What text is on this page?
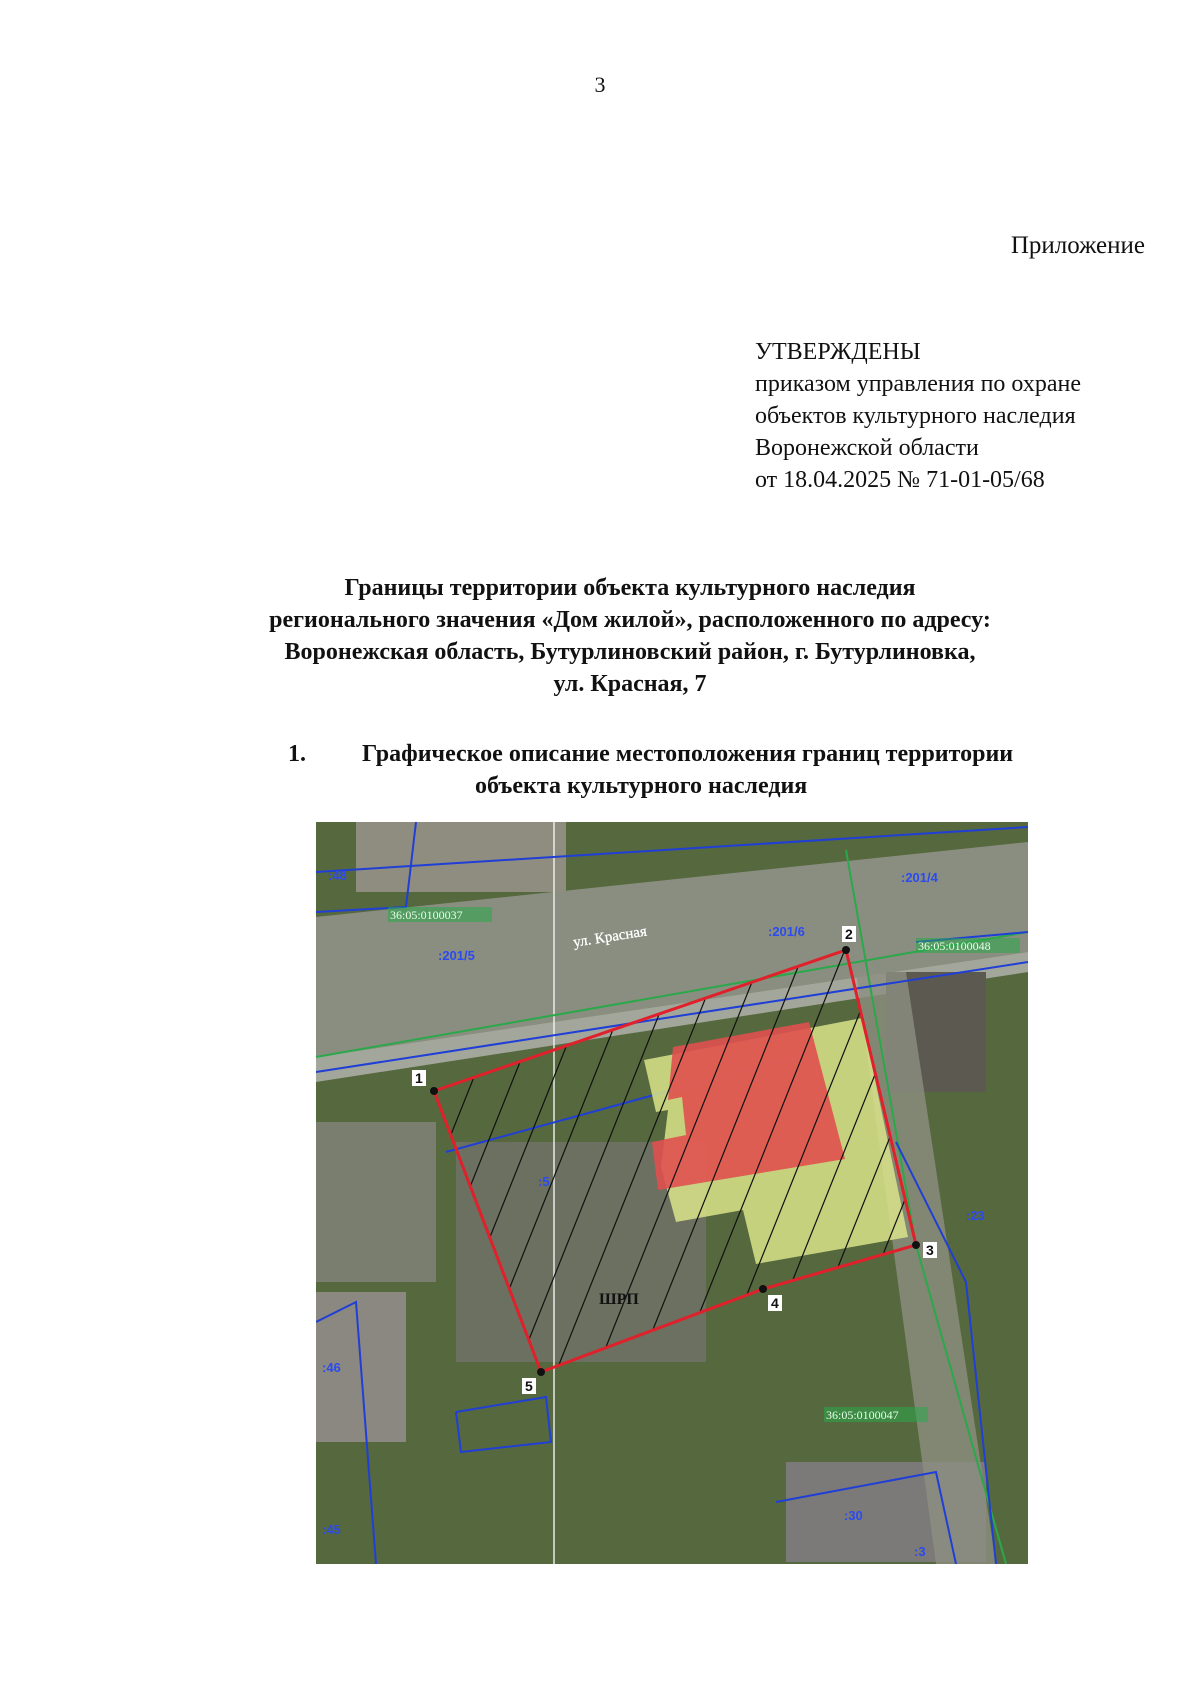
3
Приложение
УТВЕРЖДЕНЫ
приказом управления по охране
объектов культурного наследия
Воронежской области
от 18.04.2025 № 71-01-05/68
Границы территории объекта культурного наследия
регионального значения «Дом жилой», расположенного по адресу:
Воронежская область, Бутурлиновский район, г. Бутурлиновка,
ул. Красная, 7
1. Графическое описание местоположения границ территории
объекта культурного наследия
1
2
3
4
5
ул. Красная
ШРП
:48
:201/5
:201/6
:201/4
:5
:23
:46
:45
:30
:3
36:05:0100037
36:05:0100048
36:05:0100047
